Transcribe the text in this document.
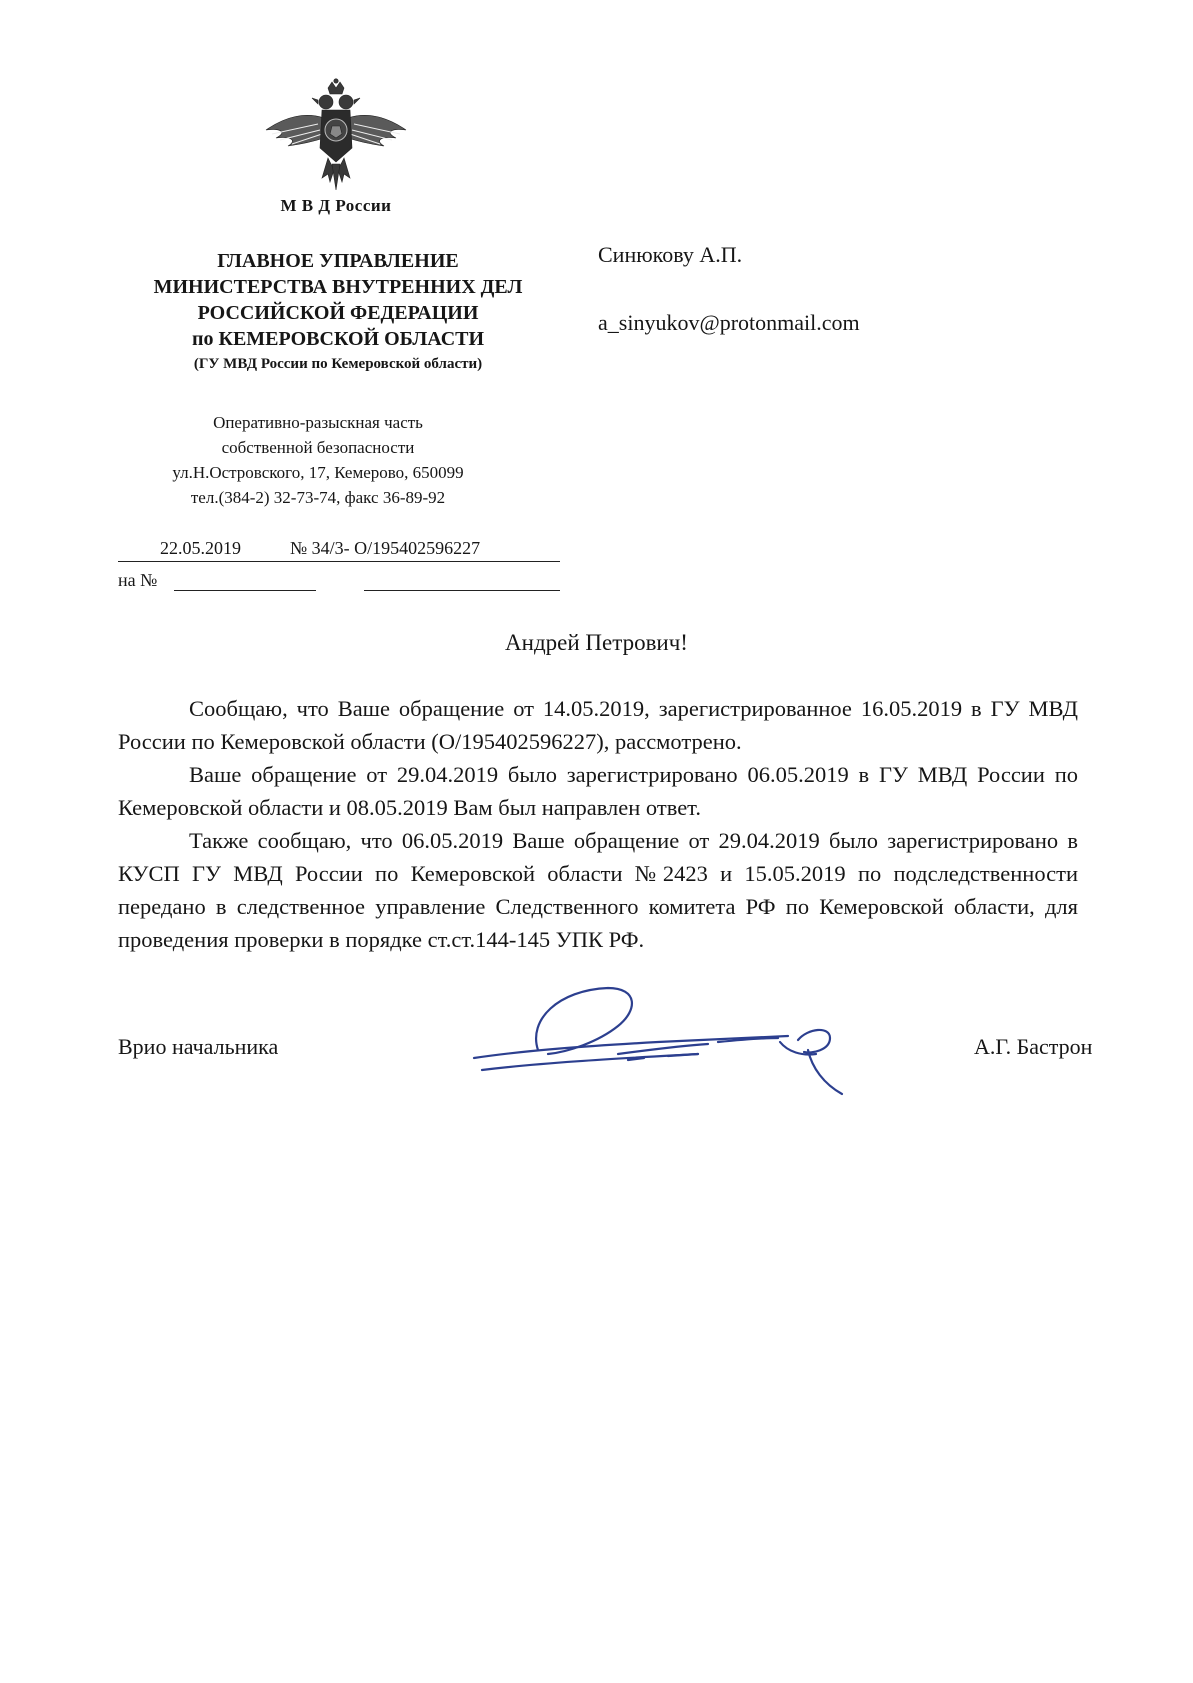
М В Д России
ГЛАВНОЕ УПРАВЛЕНИЕ
МИНИСТЕРСТВА ВНУТРЕННИХ ДЕЛ
РОССИЙСКОЙ ФЕДЕРАЦИИ
по КЕМЕРОВСКОЙ ОБЛАСТИ
(ГУ МВД России по Кемеровской области)
Оперативно-разыскная часть
собственной безопасности
ул.Н.Островского, 17, Кемерово, 650099
тел.(384-2) 32-73-74, факс 36-89-92
22.05.2019	№ 34/3- О/195402596227
на №
Синюкову А.П.
a_sinyukov@protonmail.com
Андрей Петрович!

Сообщаю, что Ваше обращение от 14.05.2019, зарегистрированное 16.05.2019 в ГУ МВД России по Кемеровской области (О/195402596227), рассмотрено.

Ваше обращение от 29.04.2019 было зарегистрировано 06.05.2019 в ГУ МВД России по Кемеровской области и 08.05.2019 Вам был направлен ответ.

Также сообщаю, что 06.05.2019 Ваше обращение от 29.04.2019 было зарегистрировано в КУСП ГУ МВД России по Кемеровской области №2423 и 15.05.2019 по подследственности передано в следственное управление Следственного комитета РФ по Кемеровской области, для проведения проверки в порядке ст.ст.144-145 УПК РФ.

Врио начальника	А.Г. Бастрон
